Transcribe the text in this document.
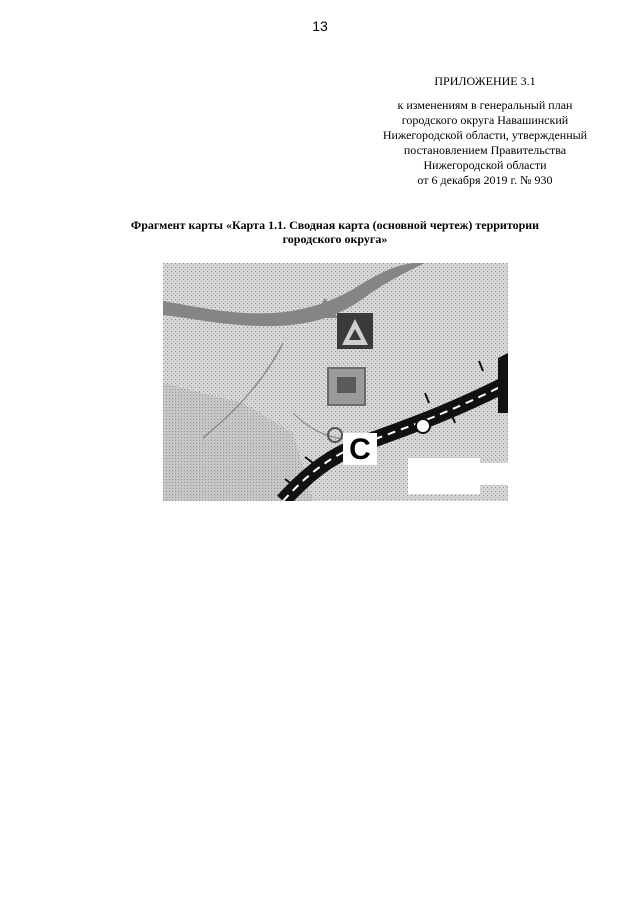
13
ПРИЛОЖЕНИЕ 3.1
к изменениям в генеральный план
городского округа Навашинский
Нижегородской области, утвержденный
постановлением Правительства
Нижегородской области
от 6 декабря 2019 г. № 930
Фрагмент карты «Карта 1.1. Сводная карта (основной чертеж) территории
городского округа»
С
